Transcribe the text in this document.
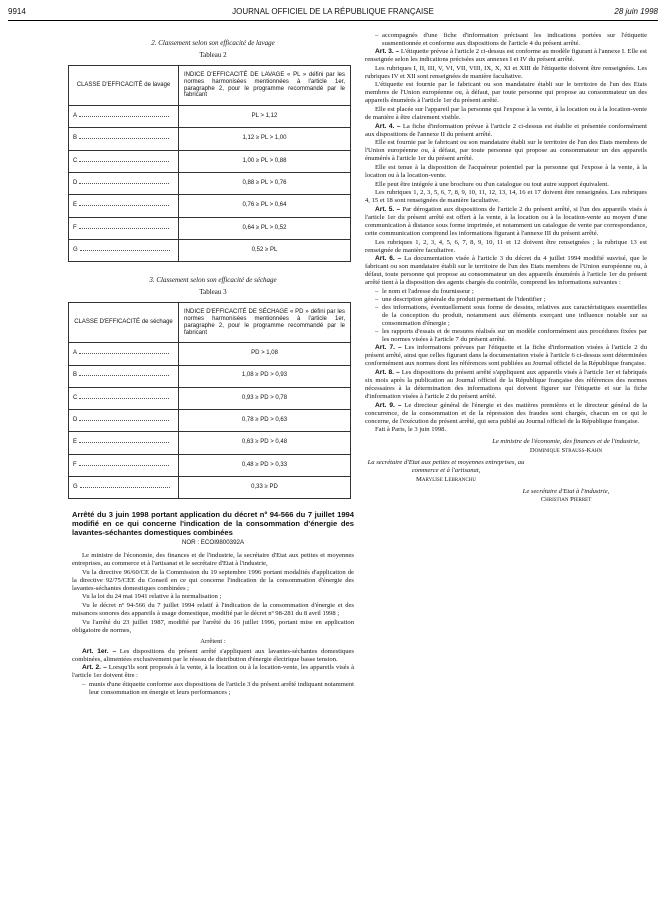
9914	JOURNAL OFFICIEL DE LA RÉPUBLIQUE FRANÇAISE	28 juin 1998
2. Classement selon son efficacité de lavage
Tableau 2
CLASSE D'EFFICACITÉ de lavage	INDICE D'EFFICACITÉ DE LAVAGE « PL » défini par les normes harmonisées mentionnées à l'article 1er, paragraphe 2, pour le programme recommandé par le fabricant
A	PL > 1,12
B	1,12 ≥ PL > 1,00
C	1,00 ≥ PL > 0,88
D	0,88 ≥ PL > 0,76
E	0,76 ≥ PL > 0,64
F	0,64 ≥ PL > 0,52
G	0,52 ≥ PL
3. Classement selon son efficacité de séchage
Tableau 3
CLASSE D'EFFICACITÉ de séchage	INDICE D'EFFICACITÉ DE SÉCHAGE « PD » défini par les normes harmonisées mentionnées à l'article 1er, paragraphe 2, pour le programme recommandé par le fabricant
A	PD > 1,08
B	1,08 ≥ PD > 0,93
C	0,93 ≥ PD > 0,78
D	0,78 ≥ PD > 0,63
E	0,63 ≥ PD > 0,48
F	0,48 ≥ PD > 0,33
G	0,33 ≥ PD

Arrêté du 3 juin 1998 portant application du décret nº 94-566 du 7 juillet 1994 modifié en ce qui concerne l'indication de la consommation d'énergie des lavantes-séchantes domestiques combinées

NOR : ECOI9800392A

Le ministre de l'économie, des finances et de l'industrie, la secrétaire d'Etat aux petites et moyennes entreprises, au commerce et à l'artisanat et le secrétaire d'Etat à l'industrie,

Vu la directive 96/60/CE de la Commission du 19 septembre 1996 portant modalités d'application de la directive 92/75/CEE du Conseil en ce qui concerne l'indication de la consommation d'énergie des lavantes-séchantes domestiques combinées ;

Vu la loi du 24 mai 1941 relative à la normalisation ;

Vu le décret nº 94-566 du 7 juillet 1994 relatif à l'indication de la consommation d'énergie et des nuisances sonores des appareils à usage domestique, modifié par le décret nº 98-281 du 8 avril 1998 ;

Vu l'arrêté du 23 juillet 1987, modifié par l'arrêté du 16 juillet 1996, portant mise en application obligatoire de normes,

Arrêtent :

Art. 1er. – Les dispositions du présent arrêté s'appliquent aux lavantes-séchantes domestiques combinées, alimentées exclusivement par le réseau de distribution d'énergie électrique basse tension.

Art. 2. – Lorsqu'ils sont proposés à la vente, à la location ou à la location-vente, les appareils visés à l'article 1er doivent être :

– munis d'une étiquette conforme aux dispositions de l'article 3 du présent arrêté indiquant notamment leur consommation en énergie et leurs performances ;
– accompagnés d'une fiche d'information précisant les indications portées sur l'étiquette susmentionnée et conforme aux dispositions de l'article 4 du présent arrêté.

Art. 3. – L'étiquette prévue à l'article 2 ci-dessus est conforme au modèle figurant à l'annexe I. Elle est renseignée selon les indications précisées aux annexes I et IV du présent arrêté.

Les rubriques I, II, III, V, VI, VII, VIII, IX, X, XI et XIII de l'étiquette doivent être renseignées. Les rubriques IV et XII sont renseignées de manière facultative.

L'étiquette est fournie par le fabricant ou son mandataire établi sur le territoire de l'un des Etats membres de l'Union européenne ou, à défaut, par toute personne qui propose au consommateur un des appareils énumérés à l'article 1er du présent arrêté.

Elle est placée sur l'appareil par la personne qui l'expose à la vente, à la location ou à la location-vente de manière à être clairement visible.

Art. 4. – La fiche d'information prévue à l'article 2 ci-dessus est établie et présentée conformément aux dispositions de l'annexe II du présent arrêté.

Elle est fournie par le fabricant ou son mandataire établi sur le territoire de l'un des Etats membres de l'Union européenne ou, à défaut, par toute personne qui propose au consommateur un des appareils énumérés à l'article 1er du présent arrêté.

Elle est tenue à la disposition de l'acquéreur potentiel par la personne qui l'expose à la vente, à la location ou à la location-vente.

Elle peut être intégrée à une brochure ou d'un catalogue ou tout autre support équivalent.

Les rubriques 1, 2, 3, 5, 6, 7, 8, 9, 10, 11, 12, 13, 14, 16 et 17 doivent être renseignées. Les rubriques 4, 15 et 18 sont renseignées de manière facultative.

Art. 5. – Par dérogation aux dispositions de l'article 2 du présent arrêté, si l'un des appareils visés à l'article 1er du présent arrêté est offert à la vente, à la location ou à la location-vente au moyen d'une communication à distance sous forme imprimée, et notamment un catalogue de vente par correspondance, cette communication comprend les informations figurant à l'annexe III du présent arrêté.

Les rubriques 1, 2, 3, 4, 5, 6, 7, 8, 9, 10, 11 et 12 doivent être renseignées ; la rubrique 13 est renseignée de manière facultative.

Art. 6. – La documentation visée à l'article 3 du décret du 4 juillet 1994 modifié susvisé, que le fabricant ou son mandataire établi sur le territoire de l'un des Etats membres de l'Union européenne ou, à défaut, toute personne qui propose au consommateur un des appareils énumérés à l'article 1er du présent arrêté tient à la disposition des agents chargés du contrôle, comprend les informations suivantes :

– le nom et l'adresse du fournisseur ;
– une description générale du produit permettant de l'identifier ;
– des informations, éventuellement sous forme de dessins, relatives aux caractéristiques essentielles de la conception du produit, notamment aux éléments exerçant une influence notable sur sa consommation d'énergie ;
– les rapports d'essais et de mesures réalisés sur un modèle conformément aux procédures fixées par les normes visées à l'article 7 du présent arrêté.

Art. 7. – Les informations prévues par l'étiquette et la fiche d'information visées à l'article 2 du présent arrêté, ainsi que celles figurant dans la documentation visée à l'article 6 ci-dessus sont déterminées conformément aux normes dont les références sont publiées au Journal officiel de la République française.

Art. 8. – Les dispositions du présent arrêté s'appliquent aux appareils visés à l'article 1er et fabriqués six mois après la publication au Journal officiel de la République française des références des normes nécessaires à la détermination des informations qui doivent figurer sur l'étiquette et sur la fiche d'information visées à l'article 2 du présent arrêté.

Art. 9. – Le directeur général de l'énergie et des matières premières et le directeur général de la concurrence, de la consommation et de la répression des fraudes sont chargés, chacun en ce qui le concerne, de l'exécution du présent arrêté, qui sera publié au Journal officiel de la République française.

Fait à Paris, le 3 juin 1998.

Le ministre de l'économie, des finances et de l'industrie,

Dominique Strauss-Kahn

La secrétaire d'Etat aux petites et moyennes entreprises, au commerce et à l'artisanat,

Marylise Lebranchu

Le secrétaire d'Etat à l'industrie,

Christian Pierret
